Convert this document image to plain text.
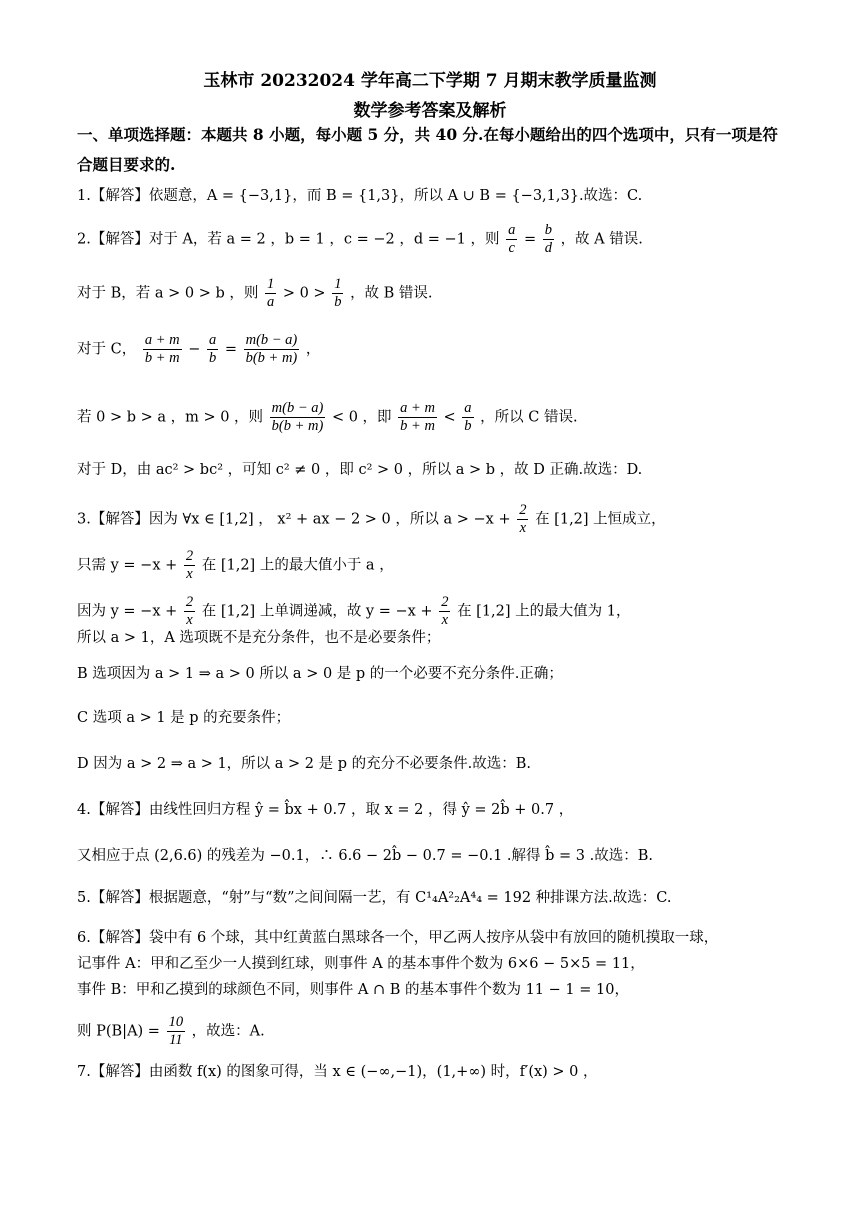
玉林市 20232024 学年高二下学期 7 月期末教学质量监测
数学参考答案及解析
一、单项选择题：本题共 8 小题，每小题 5 分，共 40 分.在每小题给出的四个选项中，只有一项是符合题目要求的.
1.【解答】依题意，A = {−3,1}，而 B = {1,3}，所以 A ∪ B = {−3,1,3}.故选：C.
2.【解答】对于 A，若 a = 2 ，b = 1 ，c = −2 ，d = −1 ，则 $\frac{a}{c} = \frac{b}{d}$ ，故 A 错误.
对于 B，若 a > 0 > b ，则 $\frac{1}{a} > 0 > \frac{1}{b}$ ，故 B 错误.
对于 C， $\frac{a + m}{b + m} - \frac{a}{b} = \frac{m(b - a)}{b(b + m)}$ ，
若 0 > b > a ，m > 0 ，则 $\frac{m(b - a)}{b(b + m)} < 0$ ，即 $\frac{a + m}{b + m} < \frac{a}{b}$ ，所以 C 错误.
对于 D，由 ac² > bc² ，可知 c² ≠ 0 ，即 c² > 0 ，所以 a > b ，故 D 正确.故选：D.
3.【解答】因为 ∀x ∈ [1,2] ， x² + ax − 2 > 0 ，所以 $a > -x + \frac{2}{x}$ 在 [1,2] 上恒成立，
只需 $y = -x + \frac{2}{x}$ 在 [1,2] 上的最大值小于 a ，
因为 $y = -x + \frac{2}{x}$ 在 [1,2] 上单调递减，故 $y = -x + \frac{2}{x}$ 在 [1,2] 上的最大值为 1，
所以 a > 1，A 选项既不是充分条件，也不是必要条件；
B 选项因为 a > 1 ⇒ a > 0 所以 a > 0 是 p 的一个必要不充分条件.正确；
C 选项 a > 1 是 p 的充要条件；
D 因为 a > 2 ⇒ a > 1，所以 a > 2 是 p 的充分不必要条件.故选：B.
4.【解答】由线性回归方程 ŷ = b̂x + 0.7 ，取 x = 2 ，得 ŷ = 2b̂ + 0.7 ，
又相应于点 (2,6.6) 的残差为 −0.1，∴ 6.6 − 2b̂ − 0.7 = −0.1 .解得 b̂ = 3 .故选：B.
5.【解答】根据题意，“射”与“数”之间间隔一艺，有 C¹₄A²₂A⁴₄ = 192 种排课方法.故选：C.
6.【解答】袋中有 6 个球，其中红黄蓝白黑球各一个，甲乙两人按序从袋中有放回的随机摸取一球，
记事件 A：甲和乙至少一人摸到红球，则事件 A 的基本事件个数为 6×6 − 5×5 = 11，
事件 B：甲和乙摸到的球颜色不同，则事件 A ∩ B 的基本事件个数为 11 − 1 = 10，
则 $P(B|A) = \frac{10}{11}$ ，故选：A.
7.【解答】由函数 f(x) 的图象可得，当 x ∈ (−∞,−1)，(1,+∞) 时，f′(x) > 0 ，
